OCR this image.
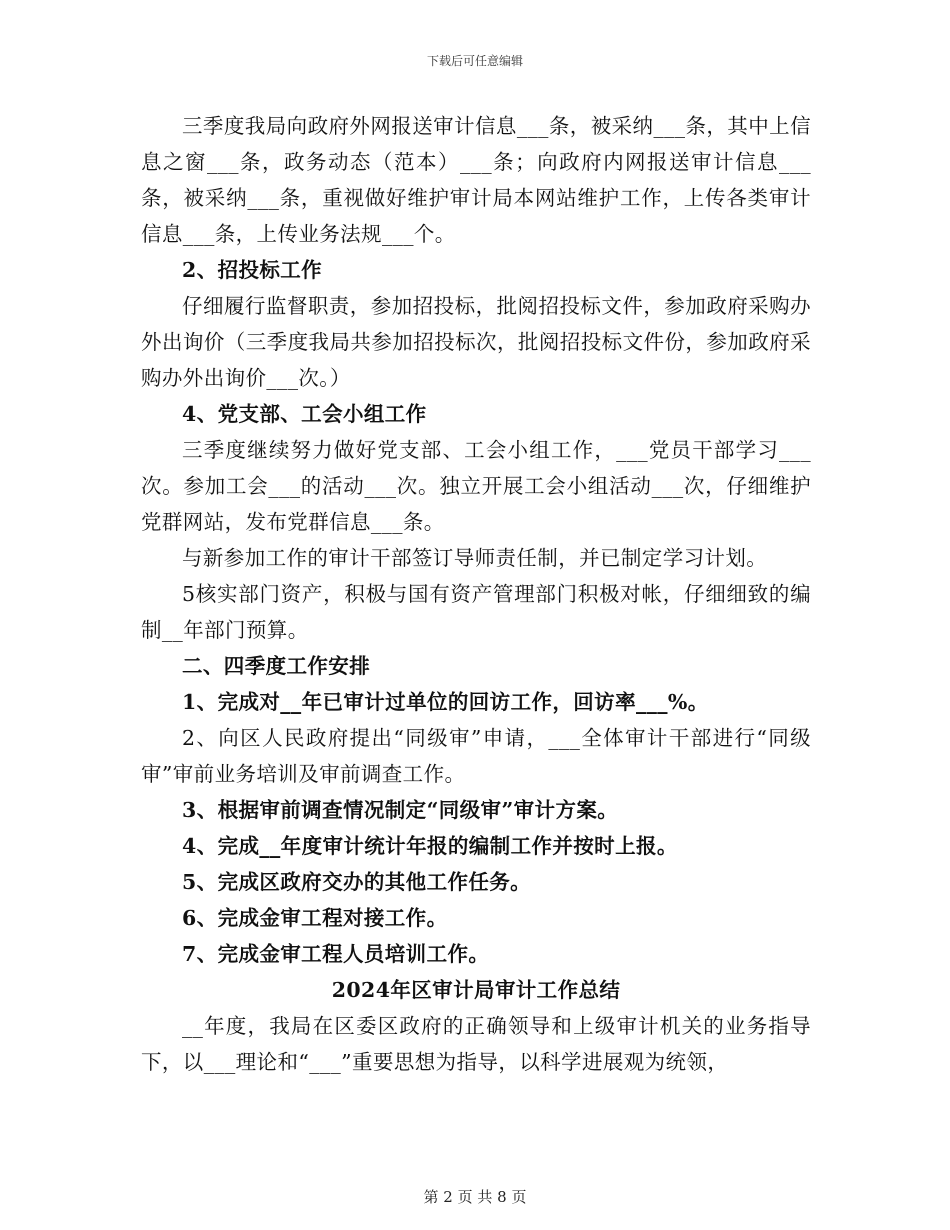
下载后可任意编辑

三季度我局向政府外网报送审计信息___条，被采纳___条，其中上信息之窗___条，政务动态（范本）___条；向政府内网报送审计信息___条，被采纳___条，重视做好维护审计局本网站维护工作，上传各类审计信息___条，上传业务法规___个。

2、招投标工作

仔细履行监督职责，参加招投标，批阅招投标文件，参加政府采购办外出询价（三季度我局共参加招投标次，批阅招投标文件份，参加政府采购办外出询价___次。）

4、党支部、工会小组工作

三季度继续努力做好党支部、工会小组工作，___党员干部学习___次。参加工会___的活动___次。独立开展工会小组活动___次，仔细维护党群网站，发布党群信息___条。

与新参加工作的审计干部签订导师责任制，并已制定学习计划。

5核实部门资产，积极与国有资产管理部门积极对帐，仔细细致的编制__年部门预算。

二、四季度工作安排

1、完成对__年已审计过单位的回访工作，回访率___%。

2、向区人民政府提出“同级审”申请，___全体审计干部进行“同级审”审前业务培训及审前调查工作。

3、根据审前调查情况制定“同级审”审计方案。

4、完成__年度审计统计年报的编制工作并按时上报。

5、完成区政府交办的其他工作任务。

6、完成金审工程对接工作。

7、完成金审工程人员培训工作。

2024年区审计局审计工作总结

__年度，我局在区委区政府的正确领导和上级审计机关的业务指导下，以___理论和“___”重要思想为指导，以科学进展观为统领，

第 2 页 共 8 页
